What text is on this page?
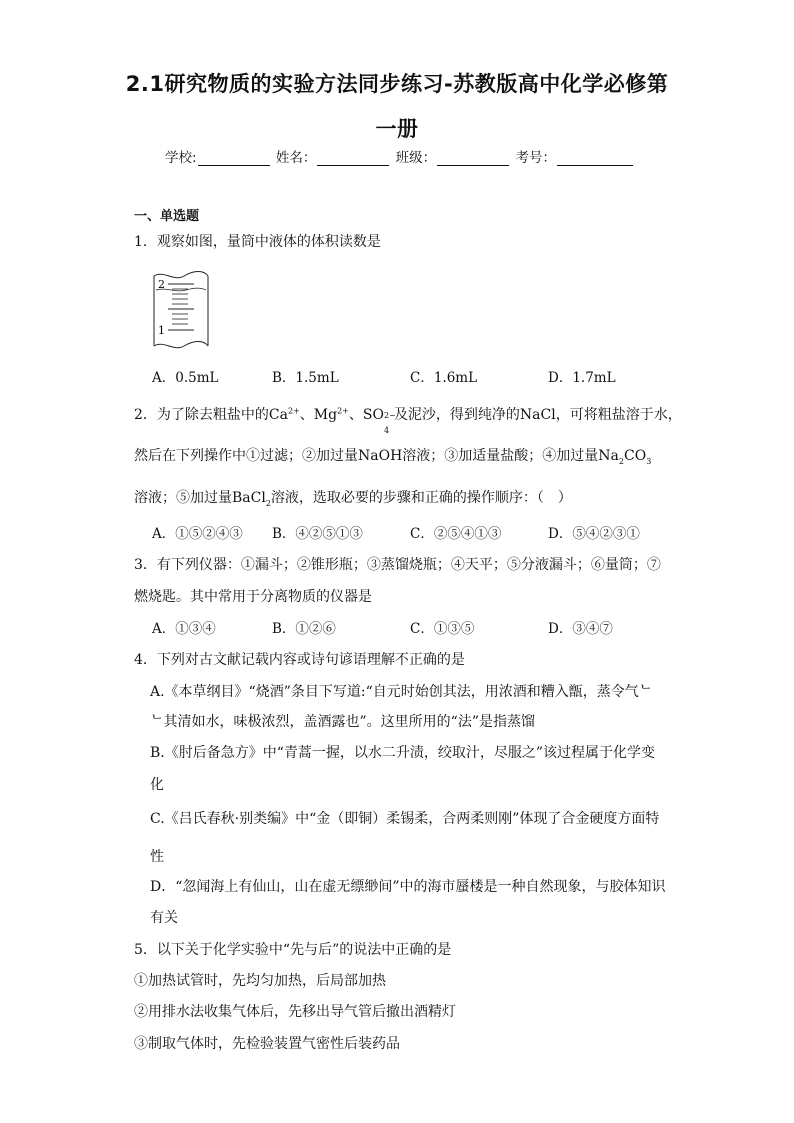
2.1研究物质的实验方法同步练习-苏教版高中化学必修第
一册
学校:	姓名：	班级：	考号：
一、单选题
1．观察如图，量筒中液体的体积读数是
2
1
A．0.5mL	B．1.5mL	C．1.6mL	D．1.7mL
2．为了除去粗盐中的$Ca^{2+}$、$Mg^{2+}$、SO 2−
4
及泥沙，得到纯净的NaCl，可将粗盐溶于水，
然后在下列操作中①过滤；②加过量NaOH溶液；③加适量盐酸；④加过量$Na_2CO_3$
溶液；⑤加过量BaCl$_2$溶液，选取必要的步骤和正确的操作顺序：（　）
A．①⑤②④③ B．④②⑤①③	C．②⑤④①③	D．⑤④②③①
3．有下列仪器：①漏斗；②锥形瓶；③蒸馏烧瓶；④天平；⑤分液漏斗；⑥量筒；⑦
燃烧匙。其中常用于分离物质的仪器是
A．①③④	B．①②⑥	C．①③⑤	D．③④⑦
4．下列对古文献记载内容或诗句谚语理解不正确的是
A.《本草纲目》“烧酒”条目下写道:“自元时始创其法，用浓酒和糟入甑，蒸令气ᄂ
ᄂ其清如水，味极浓烈，盖酒露也”。这里所用的“法”是指蒸馏
B.《肘后备急方》中“青蒿一握，以水二升渍，绞取汁，尽服之”该过程属于化学变
化
C.《吕氏春秋·别类编》中“金（即铜）柔锡柔，合两柔则刚”体现了合金硬度方面特
性
D．“忽闻海上有仙山，山在虚无缥缈间”中的海市蜃楼是一种自然现象，与胶体知识
有关
5．以下关于化学实验中“先与后”的说法中正确的是
①加热试管时，先均匀加热，后局部加热
②用排水法收集气体后，先移出导气管后撤出酒精灯
③制取气体时，先检验装置气密性后装药品
